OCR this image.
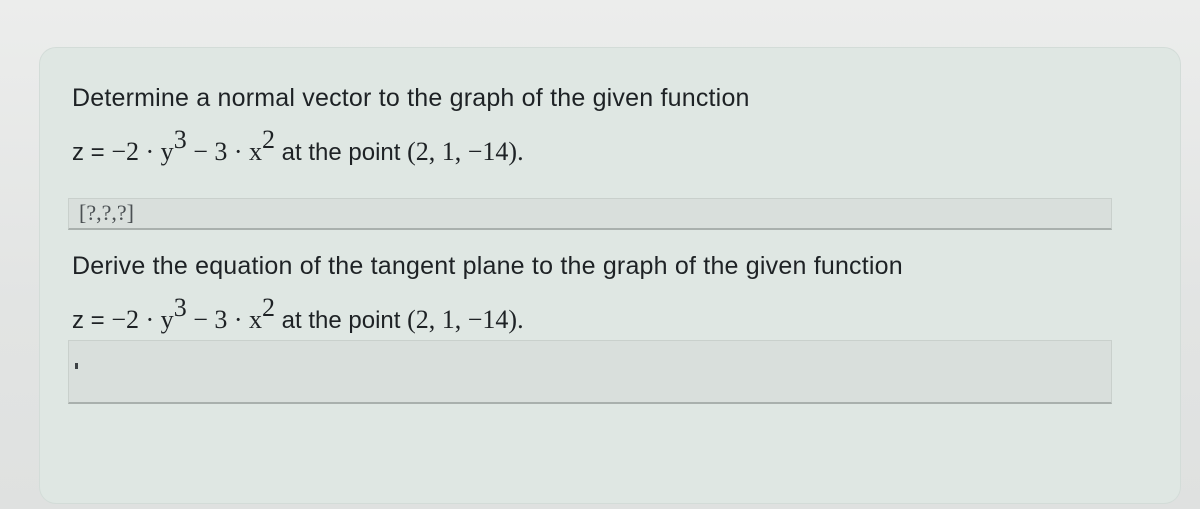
Determine a normal vector to the graph of the given function
$z = -2 \cdot y^3 - 3 \cdot x^2$ at the point (2, 1, −14).
[?,?,?]
Derive the equation of the tangent plane to the graph of the given function
$z = -2 \cdot y^3 - 3 \cdot x^2$ at the point (2, 1, −14).
